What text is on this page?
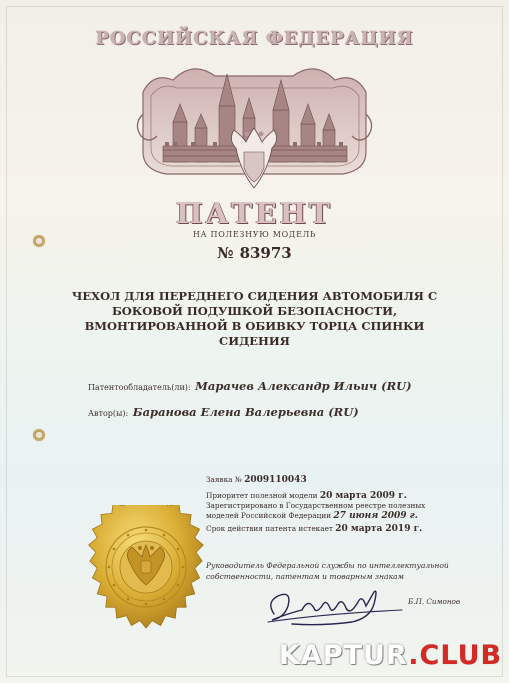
РОССИЙСКАЯ ФЕДЕРАЦИЯ
ПАТЕНТ
НА ПОЛЕЗНУЮ МОДЕЛЬ
№ 83973
ЧЕХОЛ ДЛЯ ПЕРЕДНЕГО СИДЕНИЯ АВТОМОБИЛЯ С
БОКОВОЙ ПОДУШКОЙ БЕЗОПАСНОСТИ,
ВМОНТИРОВАННОЙ В ОБИВКУ ТОРЦА СПИНКИ
СИДЕНИЯ
Патентообладатель(ли): Марачев Александр Ильич (RU)
Автор(ы): Баранова Елена Валерьевна (RU)
Заявка № 2009110043
Приоритет полезной модели 20 марта 2009 г.
Зарегистрировано в Государственном реестре полезных
моделей Российской Федерации 27 июня 2009 г.
Срок действия патента истекает 20 марта 2019 г.
Руководитель Федеральной службы по интеллектуальной
собственности, патентам и товарным знакам
Б.П. Симонов
KAPTUR.CLUB
